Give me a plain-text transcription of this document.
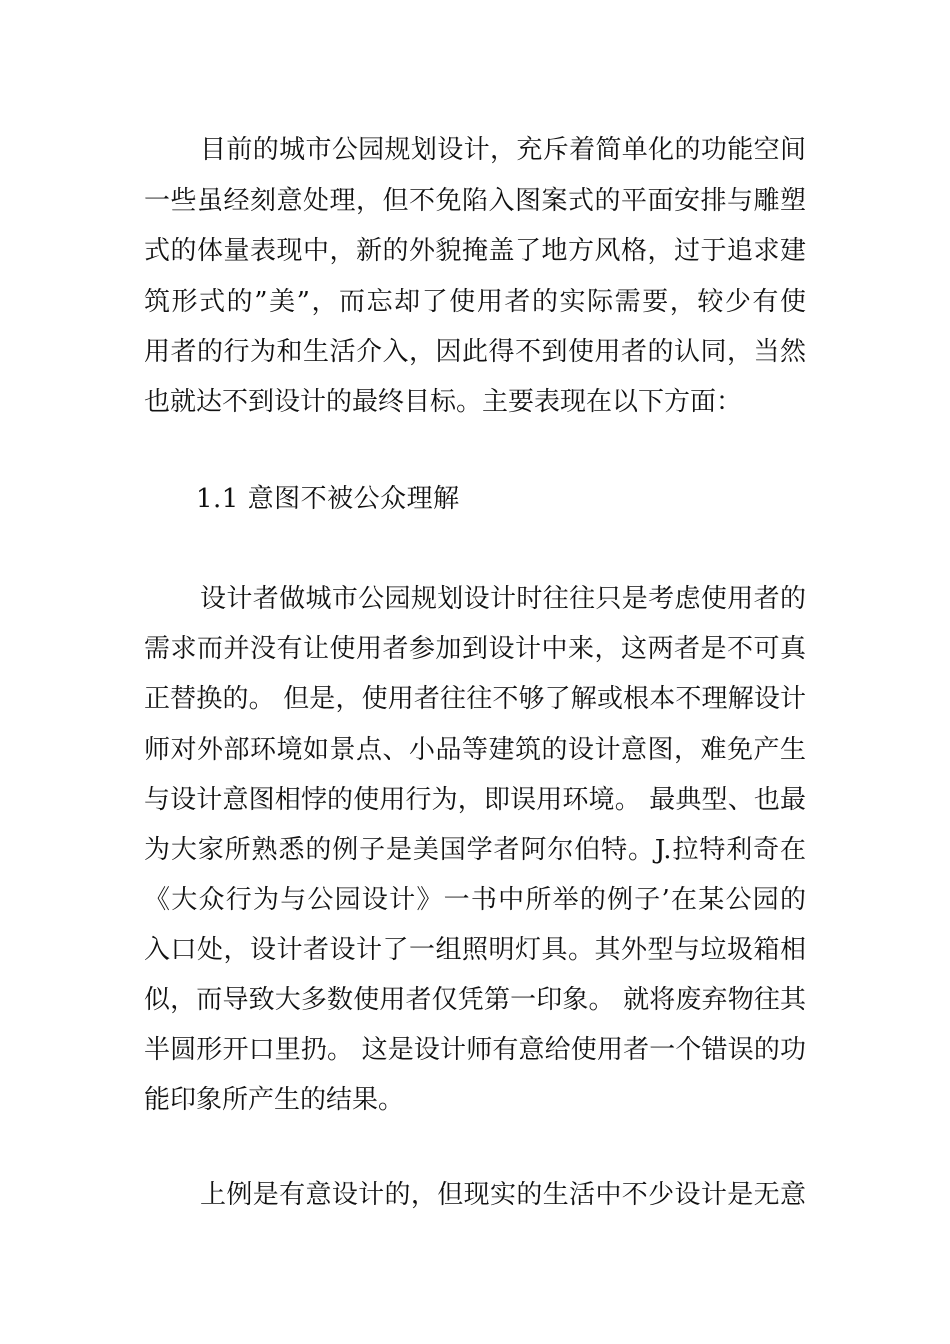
目前的城市公园规划设计，充斥着简单化的功能空间
一些虽经刻意处理，但不免陷入图案式的平面安排与雕塑
式的体量表现中，新的外貌掩盖了地方风格，过于追求建
筑形式的”美”，而忘却了使用者的实际需要，较少有使
用者的行为和生活介入，因此得不到使用者的认同，当然
也就达不到设计的最终目标。主要表现在以下方面：
1.1 意图不被公众理解
设计者做城市公园规划设计时往往只是考虑使用者的
需求而并没有让使用者参加到设计中来，这两者是不可真
正替换的。 但是，使用者往往不够了解或根本不理解设计
师对外部环境如景点、小品等建筑的设计意图，难免产生
与设计意图相悖的使用行为，即误用环境。 最典型、也最
为大家所熟悉的例子是美国学者阿尔伯特。J.拉特利奇在
《大众行为与公园设计》一书中所举的例子’在某公园的
入口处，设计者设计了一组照明灯具。其外型与垃圾箱相
似，而导致大多数使用者仅凭第一印象。 就将废弃物往其
半圆形开口里扔。 这是设计师有意给使用者一个错误的功
能印象所产生的结果。
上例是有意设计的，但现实的生活中不少设计是无意
